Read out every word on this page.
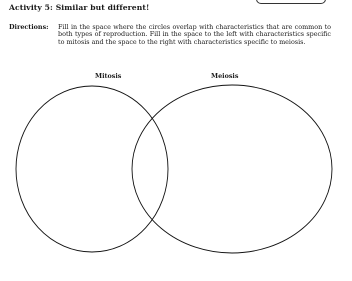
Activity 5: Similar but different!
Directions: Fill in the space where the circles overlap with characteristics that are common to both types of reproduction. Fill in the space to the left with characteristics specific to mitosis and the space to the right with characteristics specific to meiosis.
Mitosis	Meiosis
